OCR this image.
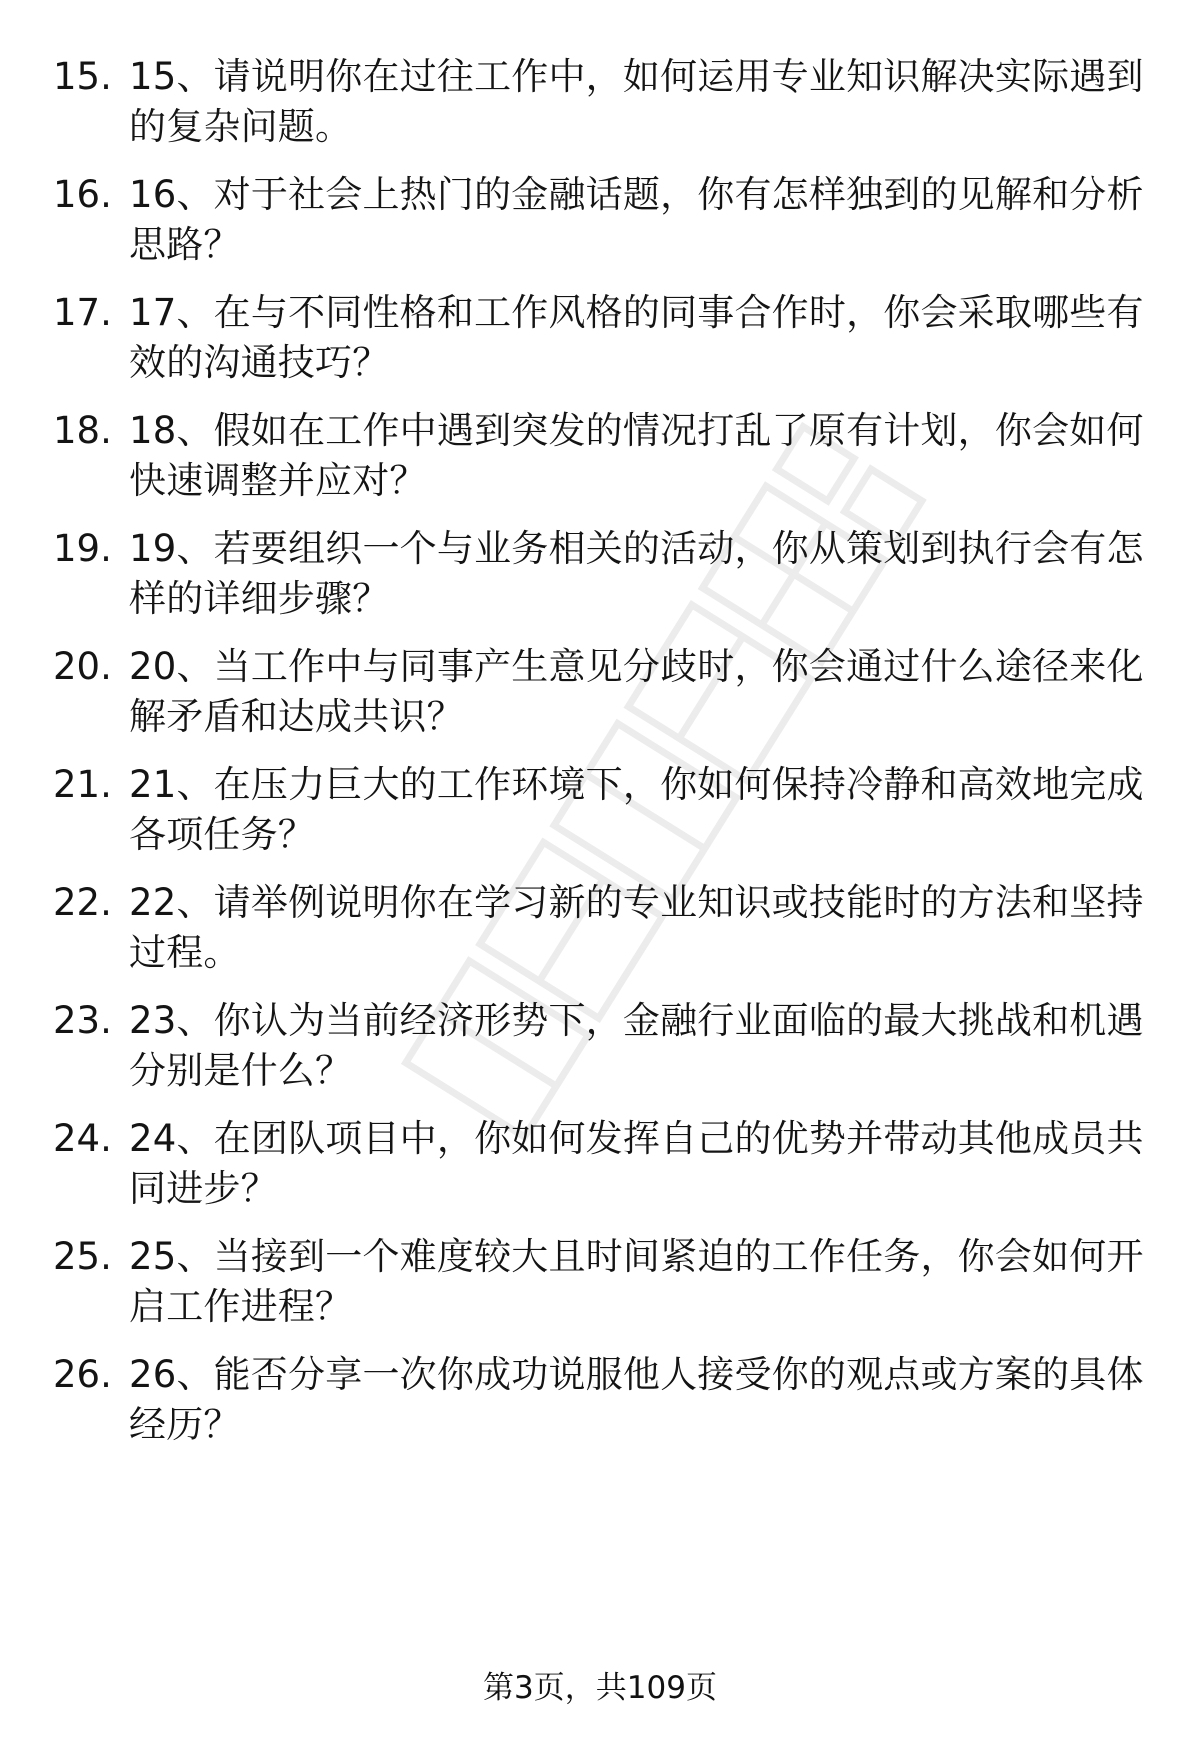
15. 15、请说明你在过往工作中，如何运用专业知识解决实际遇到的复杂问题。
16. 16、对于社会上热门的金融话题，你有怎样独到的见解和分析思路？
17. 17、在与不同性格和工作风格的同事合作时，你会采取哪些有效的沟通技巧？
18. 18、假如在工作中遇到突发的情况打乱了原有计划，你会如何快速调整并应对？
19. 19、若要组织一个与业务相关的活动，你从策划到执行会有怎样的详细步骤？
20. 20、当工作中与同事产生意见分歧时，你会通过什么途径来化解矛盾和达成共识？
21. 21、在压力巨大的工作环境下，你如何保持冷静和高效地完成各项任务？
22. 22、请举例说明你在学习新的专业知识或技能时的方法和坚持过程。
23. 23、你认为当前经济形势下，金融行业面临的最大挑战和机遇分别是什么？
24. 24、在团队项目中，你如何发挥自己的优势并带动其他成员共同进步？
25. 25、当接到一个难度较大且时间紧迫的工作任务，你会如何开启工作进程？
26. 26、能否分享一次你成功说服他人接受你的观点或方案的具体经历？
第3页，共109页
